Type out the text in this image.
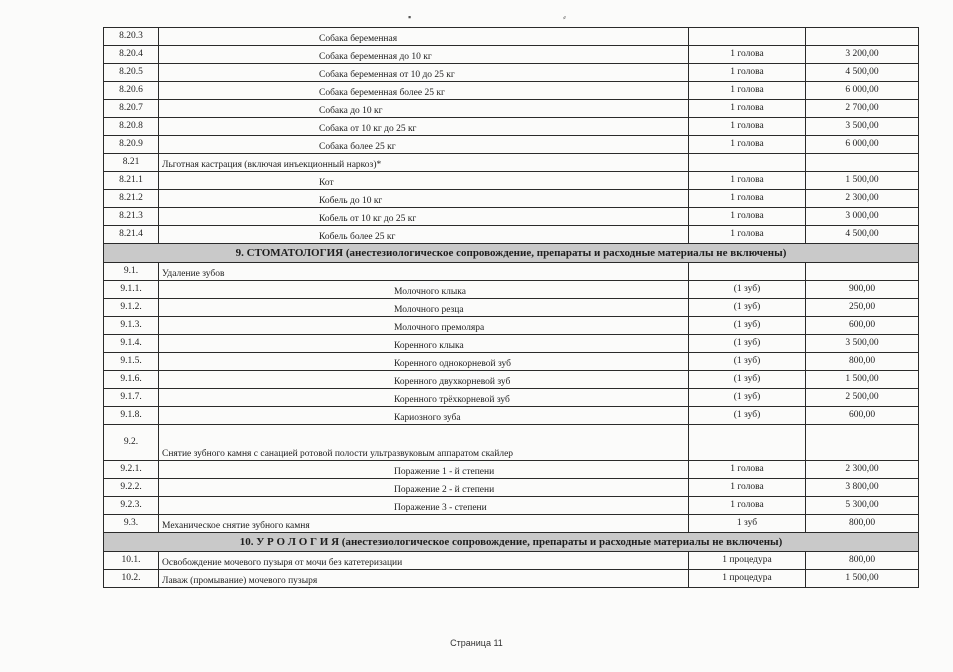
▪	⸗
8.20.3	Собака беременная		
8.20.4	Собака беременная до 10 кг	1 голова	3 200,00
8.20.5	Собака беременная от 10 до 25 кг	1 голова	4 500,00
8.20.6	Собака беременная более 25 кг	1 голова	6 000,00
8.20.7	Собака до 10 кг	1 голова	2 700,00
8.20.8	Собака от 10 кг до 25 кг	1 голова	3 500,00
8.20.9	Собака более 25 кг	1 голова	6 000,00
8.21	Льготная кастрация (включая инъекционный наркоз)*		
8.21.1	Кот	1 голова	1 500,00
8.21.2	Кобель до 10 кг	1 голова	2 300,00
8.21.3	Кобель от 10 кг до 25 кг	1 голова	3 000,00
8.21.4	Кобель более 25 кг	1 голова	4 500,00
9. СТОМАТОЛОГИЯ (анестезиологическое сопровождение, препараты и расходные материалы не включены)			
9.1.	Удаление зубов		
9.1.1.	Молочного клыка	(1 зуб)	900,00
9.1.2.	Молочного резца	(1 зуб)	250,00
9.1.3.	Молочного премоляра	(1 зуб)	600,00
9.1.4.	Коренного клыка	(1 зуб)	3 500,00
9.1.5.	Коренного однокорневой зуб	(1 зуб)	800,00
9.1.6.	Коренного двухкорневой зуб	(1 зуб)	1 500,00
9.1.7.	Коренного трёхкорневой зуб	(1 зуб)	2 500,00
9.1.8.	Кариозного зуба	(1 зуб)	600,00
9.2.	Снятие зубного камня с санацией ротовой полости ультразвуковым аппаратом скайлер		
9.2.1.	Поражение 1 - й степени	1 голова	2 300,00
9.2.2.	Поражение 2 - й степени	1 голова	3 800,00
9.2.3.	Поражение 3 - степени	1 голова	5 300,00
9.3.	Механическое снятие зубного камня	1 зуб	800,00
10. У Р О Л О Г И Я (анестезиологическое сопровождение, препараты и расходные материалы не включены)			
10.1.	Освобождение мочевого пузыря от мочи без катетеризации	1 процедура	800,00
10.2.	Лаваж (промывание) мочевого пузыря	1 процедура	1 500,00
Страница 11
